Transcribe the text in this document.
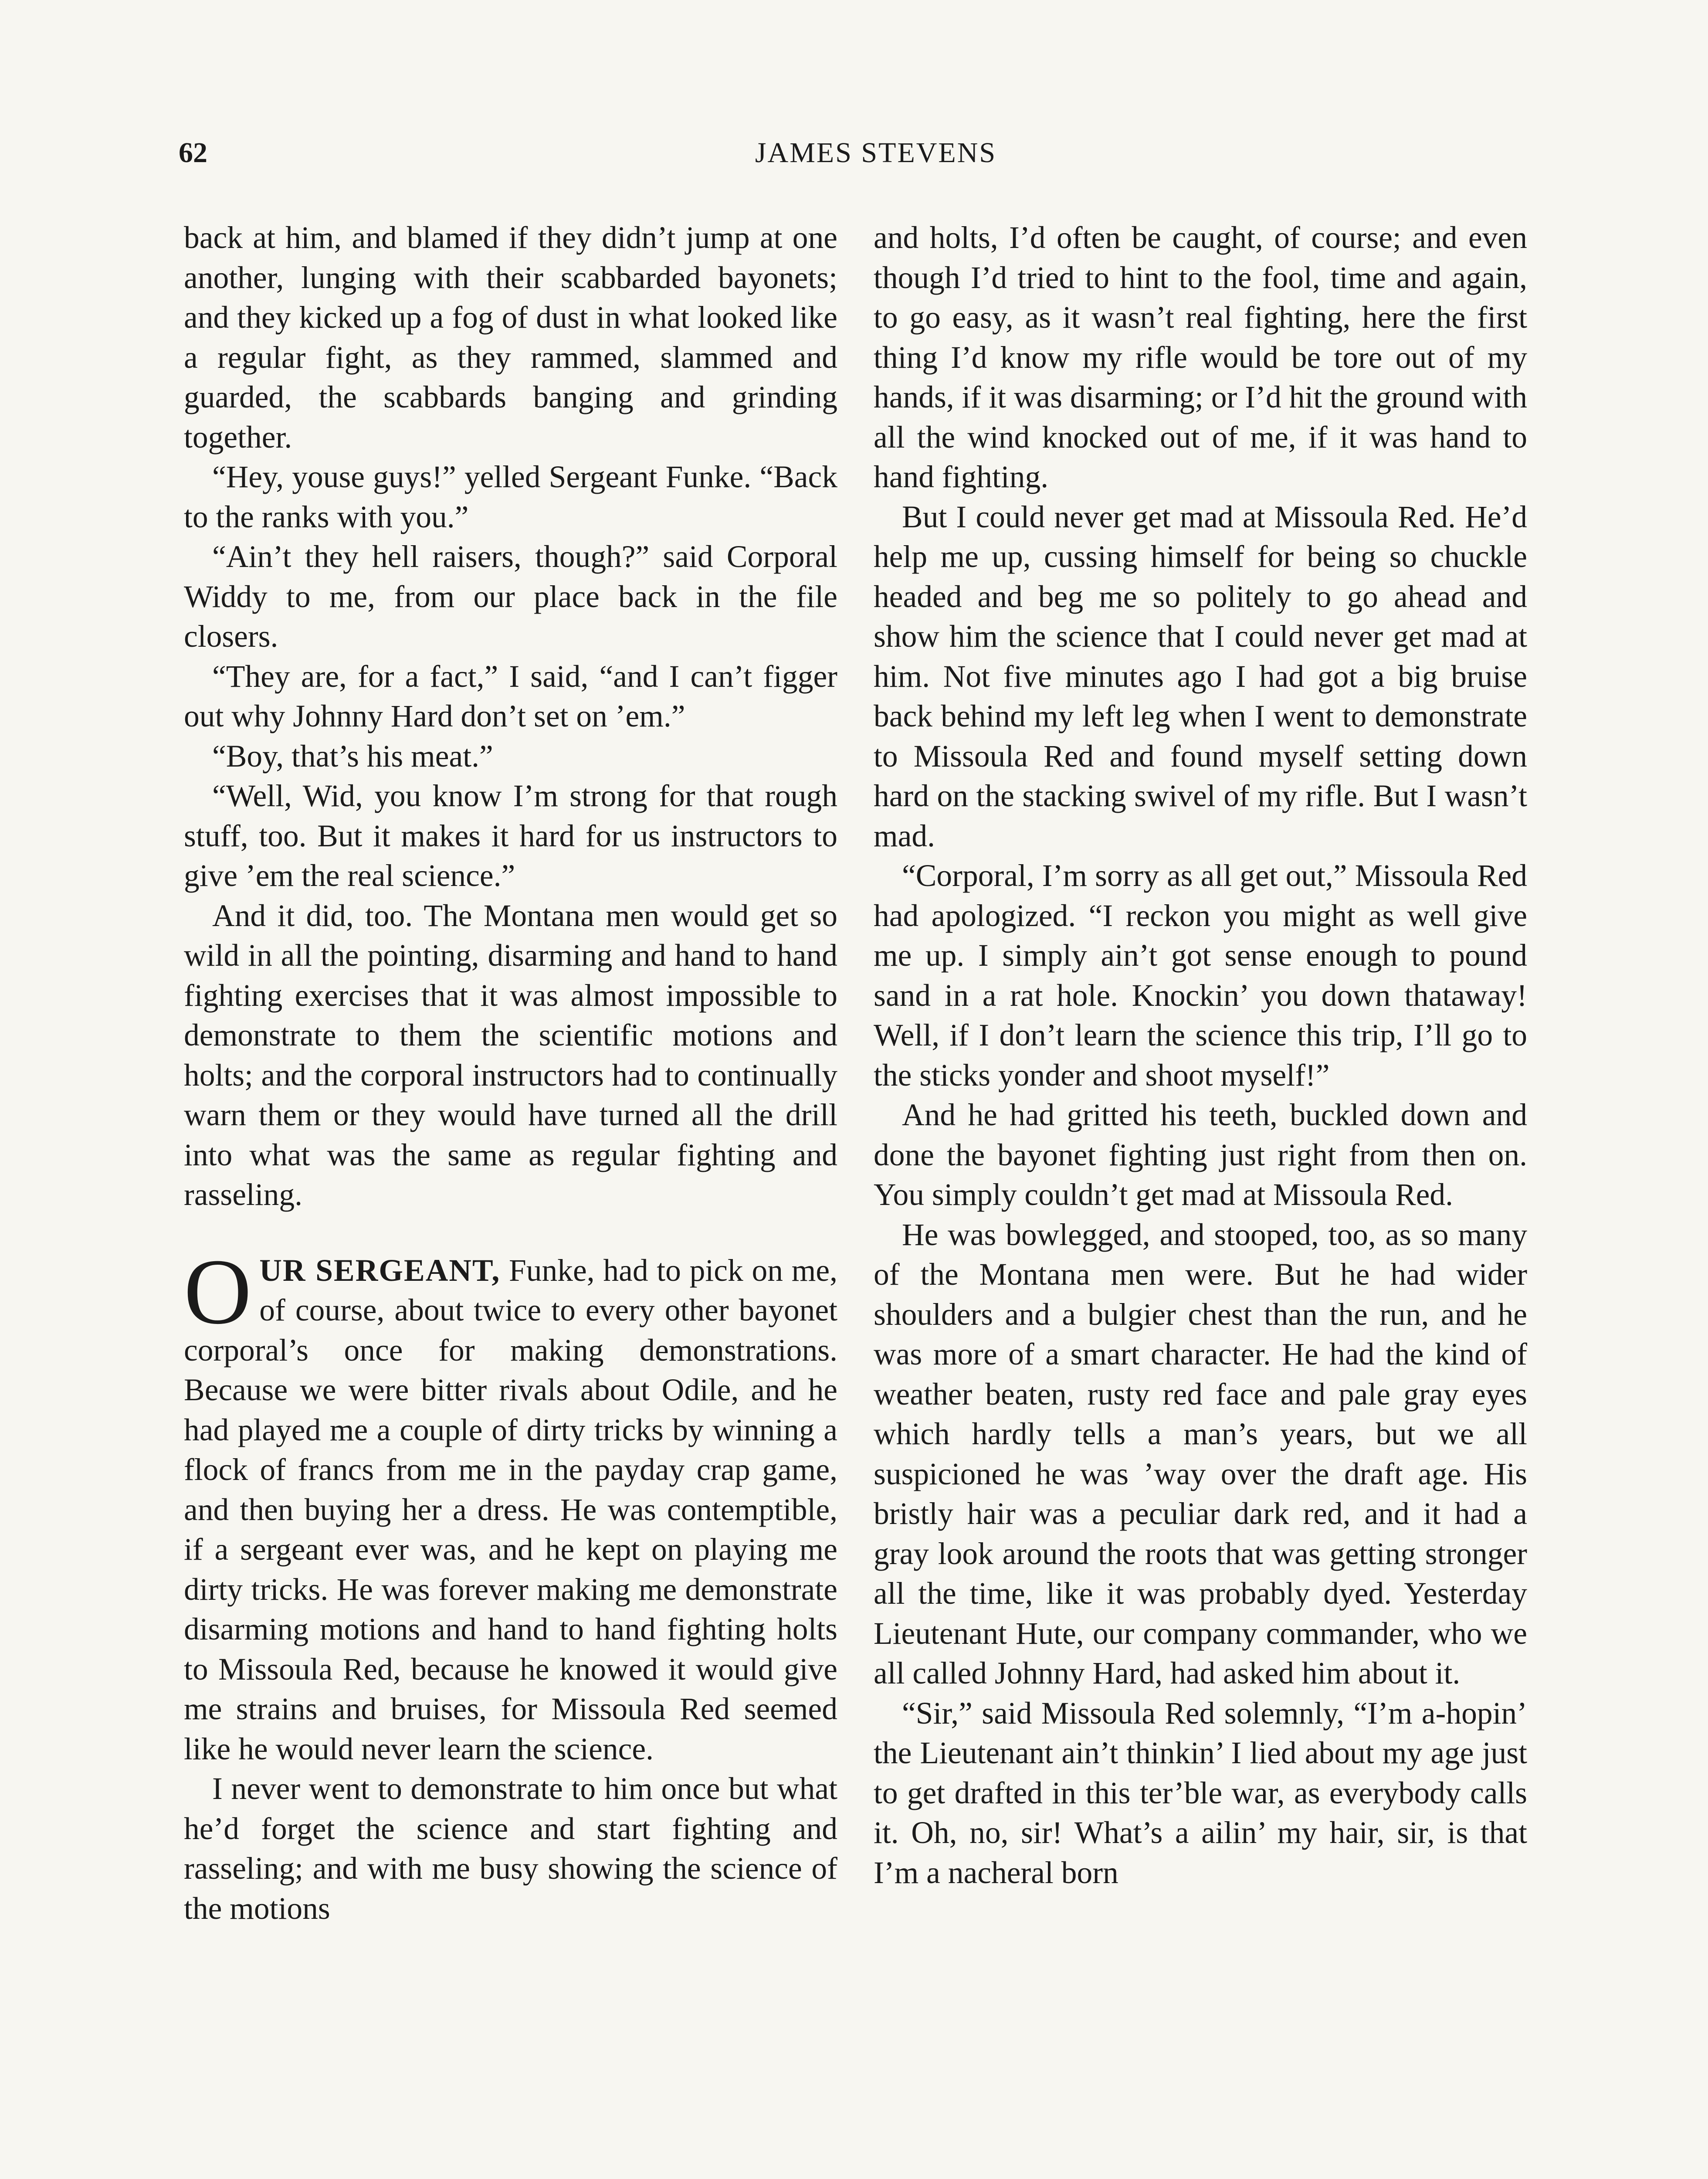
62	JAMES STEVENS

back at him, and blamed if they didn’t jump at one another, lunging with their scabbarded bayonets; and they kicked up a fog of dust in what looked like a regular fight, as they rammed, slammed and guarded, the scabbards banging and grinding together.

“Hey, youse guys!” yelled Sergeant Funke. “Back to the ranks with you.”

“Ain’t they hell raisers, though?” said Corporal Widdy to me, from our place back in the file closers.

“They are, for a fact,” I said, “and I can’t figger out why Johnny Hard don’t set on ’em.”

“Boy, that’s his meat.”

“Well, Wid, you know I’m strong for that rough stuff, too. But it makes it hard for us instructors to give ’em the real science.”

And it did, too. The Montana men would get so wild in all the pointing, disarming and hand to hand fighting exercises that it was almost impossible to demonstrate to them the scientific motions and holts; and the corporal instructors had to continually warn them or they would have turned all the drill into what was the same as regular fighting and rasseling.

OUR SERGEANT, Funke, had to pick on me, of course, about twice to every other bayonet corporal’s once for making demonstrations. Because we were bitter rivals about Odile, and he had played me a couple of dirty tricks by winning a flock of francs from me in the payday crap game, and then buying her a dress. He was contemptible, if a sergeant ever was, and he kept on playing me dirty tricks. He was forever making me demonstrate disarming motions and hand to hand fighting holts to Missoula Red, because he knowed it would give me strains and bruises, for Missoula Red seemed like he would never learn the science.

I never went to demonstrate to him once but what he’d forget the science and start fighting and rasseling; and with me busy showing the science of the motions

and holts, I’d often be caught, of course; and even though I’d tried to hint to the fool, time and again, to go easy, as it wasn’t real fighting, here the first thing I’d know my rifle would be tore out of my hands, if it was disarming; or I’d hit the ground with all the wind knocked out of me, if it was hand to hand fighting.

But I could never get mad at Missoula Red. He’d help me up, cussing himself for being so chuckle headed and beg me so politely to go ahead and show him the science that I could never get mad at him. Not five minutes ago I had got a big bruise back behind my left leg when I went to demonstrate to Missoula Red and found myself setting down hard on the stacking swivel of my rifle. But I wasn’t mad.

“Corporal, I’m sorry as all get out,” Missoula Red had apologized. “I reckon you might as well give me up. I simply ain’t got sense enough to pound sand in a rat hole. Knockin’ you down thataway! Well, if I don’t learn the science this trip, I’ll go to the sticks yonder and shoot myself!”

And he had gritted his teeth, buckled down and done the bayonet fighting just right from then on. You simply couldn’t get mad at Missoula Red.

He was bowlegged, and stooped, too, as so many of the Montana men were. But he had wider shoulders and a bulgier chest than the run, and he was more of a smart character. He had the kind of weather beaten, rusty red face and pale gray eyes which hardly tells a man’s years, but we all suspicioned he was ’way over the draft age. His bristly hair was a peculiar dark red, and it had a gray look around the roots that was getting stronger all the time, like it was probably dyed. Yesterday Lieutenant Hute, our company commander, who we all called Johnny Hard, had asked him about it.

“Sir,” said Missoula Red solemnly, “I’m a-hopin’ the Lieutenant ain’t thinkin’ I lied about my age just to get drafted in this ter’ble war, as everybody calls it. Oh, no, sir! What’s a ailin’ my hair, sir, is that I’m a nacheral born
